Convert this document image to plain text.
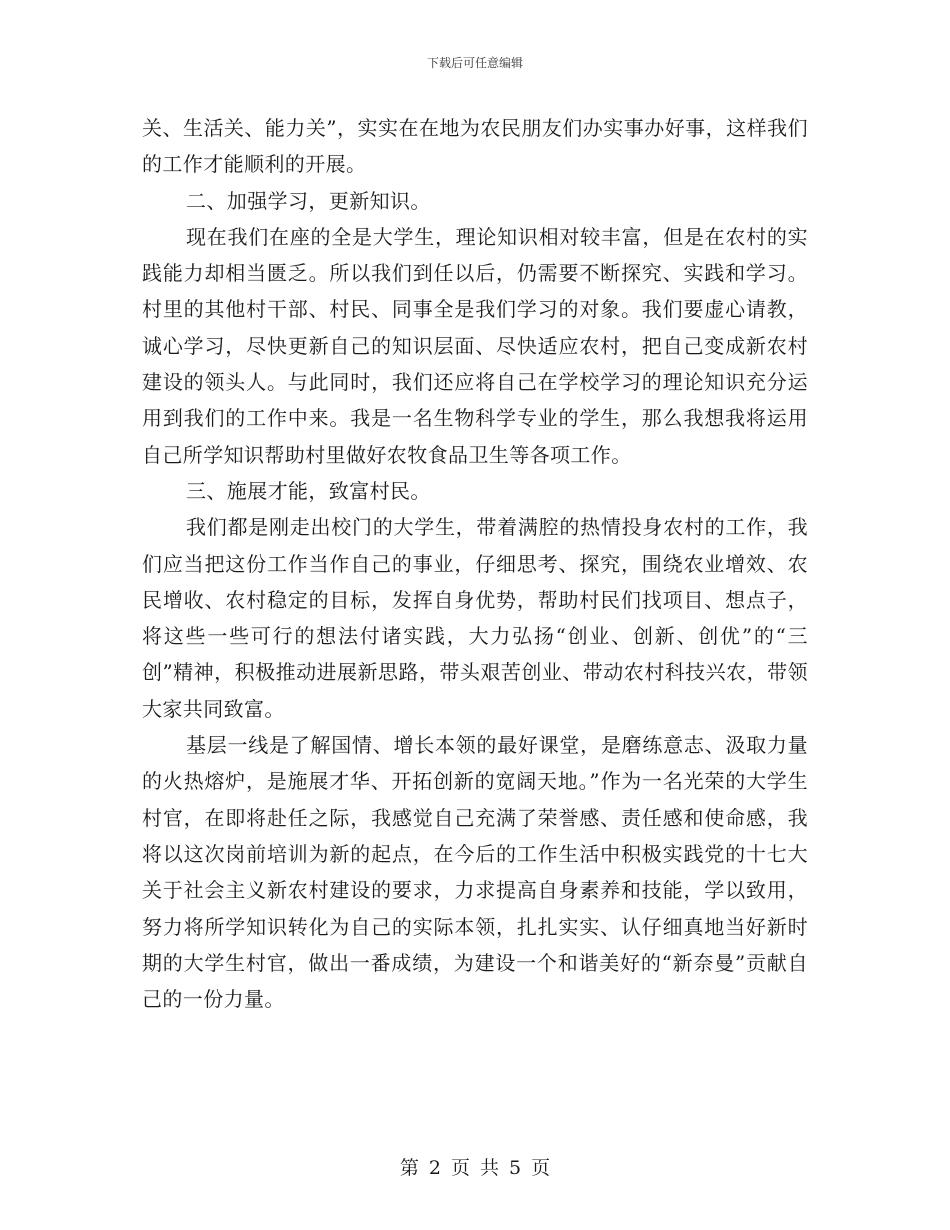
下载后可任意编辑

关、生活关、能力关”，实实在在地为农民朋友们办实事办好事，这样我们的工作才能顺利的开展。

二、加强学习，更新知识。

现在我们在座的全是大学生，理论知识相对较丰富，但是在农村的实践能力却相当匮乏。所以我们到任以后，仍需要不断探究、实践和学习。村里的其他村干部、村民、同事全是我们学习的对象。我们要虚心请教，诚心学习，尽快更新自己的知识层面、尽快适应农村，把自己变成新农村建设的领头人。与此同时，我们还应将自己在学校学习的理论知识充分运用到我们的工作中来。我是一名生物科学专业的学生，那么我想我将运用自己所学知识帮助村里做好农牧食品卫生等各项工作。

三、施展才能，致富村民。

我们都是刚走出校门的大学生，带着满腔的热情投身农村的工作，我们应当把这份工作当作自己的事业，仔细思考、探究，围绕农业增效、农民增收、农村稳定的目标，发挥自身优势，帮助村民们找项目、想点子，将这些一些可行的想法付诸实践，大力弘扬“创业、创新、创优”的“三创”精神，积极推动进展新思路，带头艰苦创业、带动农村科技兴农，带领大家共同致富。

基层一线是了解国情、增长本领的最好课堂，是磨练意志、汲取力量的火热熔炉，是施展才华、开拓创新的宽阔天地。”作为一名光荣的大学生村官，在即将赴任之际，我感觉自己充满了荣誉感、责任感和使命感，我将以这次岗前培训为新的起点，在今后的工作生活中积极实践党的十七大关于社会主义新农村建设的要求，力求提高自身素养和技能，学以致用，努力将所学知识转化为自己的实际本领，扎扎实实、认仔细真地当好新时期的大学生村官，做出一番成绩，为建设一个和谐美好的“新奈曼”贡献自己的一份力量。

第 2 页 共 5 页
